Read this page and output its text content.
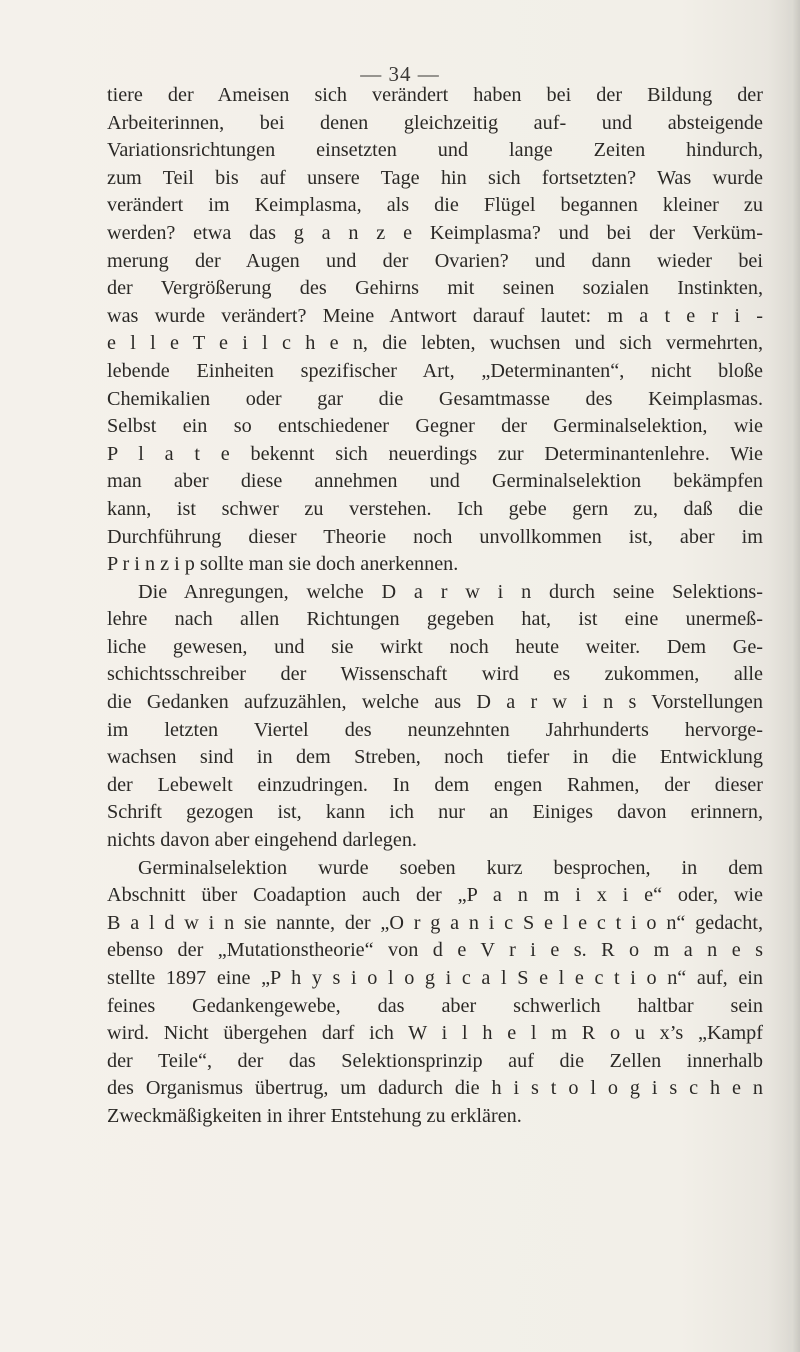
— 34 —
tiere der Ameisen sich verändert haben bei der Bildung der
Arbeiterinnen, bei denen gleichzeitig auf- und absteigende
Variationsrichtungen einsetzten und lange Zeiten hindurch,
zum Teil bis auf unsere Tage hin sich fortsetzten? Was wurde
verändert im Keimplasma, als die Flügel begannen kleiner zu
werden? etwa das g a n z e Keimplasma? und bei der Verküm-
merung der Augen und der Ovarien? und dann wieder bei
der Vergrößerung des Gehirns mit seinen sozialen Instinkten,
was wurde verändert? Meine Antwort darauf lautet: m a t e r i -
e l l e T e i l c h e n, die lebten, wuchsen und sich vermehrten,
lebende Einheiten spezifischer Art, „Determinanten“, nicht bloße
Chemikalien oder gar die Gesamtmasse des Keimplasmas.
Selbst ein so entschiedener Gegner der Germinalselektion, wie
P l a t e bekennt sich neuerdings zur Determinantenlehre. Wie
man aber diese annehmen und Germinalselektion bekämpfen
kann, ist schwer zu verstehen. Ich gebe gern zu, daß die
Durchführung dieser Theorie noch unvollkommen ist, aber im
P r i n z i p sollte man sie doch anerkennen.
Die Anregungen, welche D a r w i n durch seine Selektions-
lehre nach allen Richtungen gegeben hat, ist eine unermeß-
liche gewesen, und sie wirkt noch heute weiter. Dem Ge-
schichtsschreiber der Wissenschaft wird es zukommen, alle
die Gedanken aufzuzählen, welche aus D a r w i n s Vorstellungen
im letzten Viertel des neunzehnten Jahrhunderts hervorge-
wachsen sind in dem Streben, noch tiefer in die Entwicklung
der Lebewelt einzudringen. In dem engen Rahmen, der dieser
Schrift gezogen ist, kann ich nur an Einiges davon erinnern,
nichts davon aber eingehend darlegen.
Germinalselektion wurde soeben kurz besprochen, in dem
Abschnitt über Coadaption auch der „P a n m i x i e“ oder, wie
B a l d w i n sie nannte, der „O r g a n i c S e l e c t i o n“ gedacht,
ebenso der „Mutationstheorie“ von d e V r i e s. R o m a n e s
stellte 1897 eine „P h y s i o l o g i c a l S e l e c t i o n“ auf, ein
feines Gedankengewebe, das aber schwerlich haltbar sein
wird. Nicht übergehen darf ich W i l h e l m R o u x’s „Kampf
der Teile“, der das Selektionsprinzip auf die Zellen innerhalb
des Organismus übertrug, um dadurch die h i s t o l o g i s c h e n
Zweckmäßigkeiten in ihrer Entstehung zu erklären.
